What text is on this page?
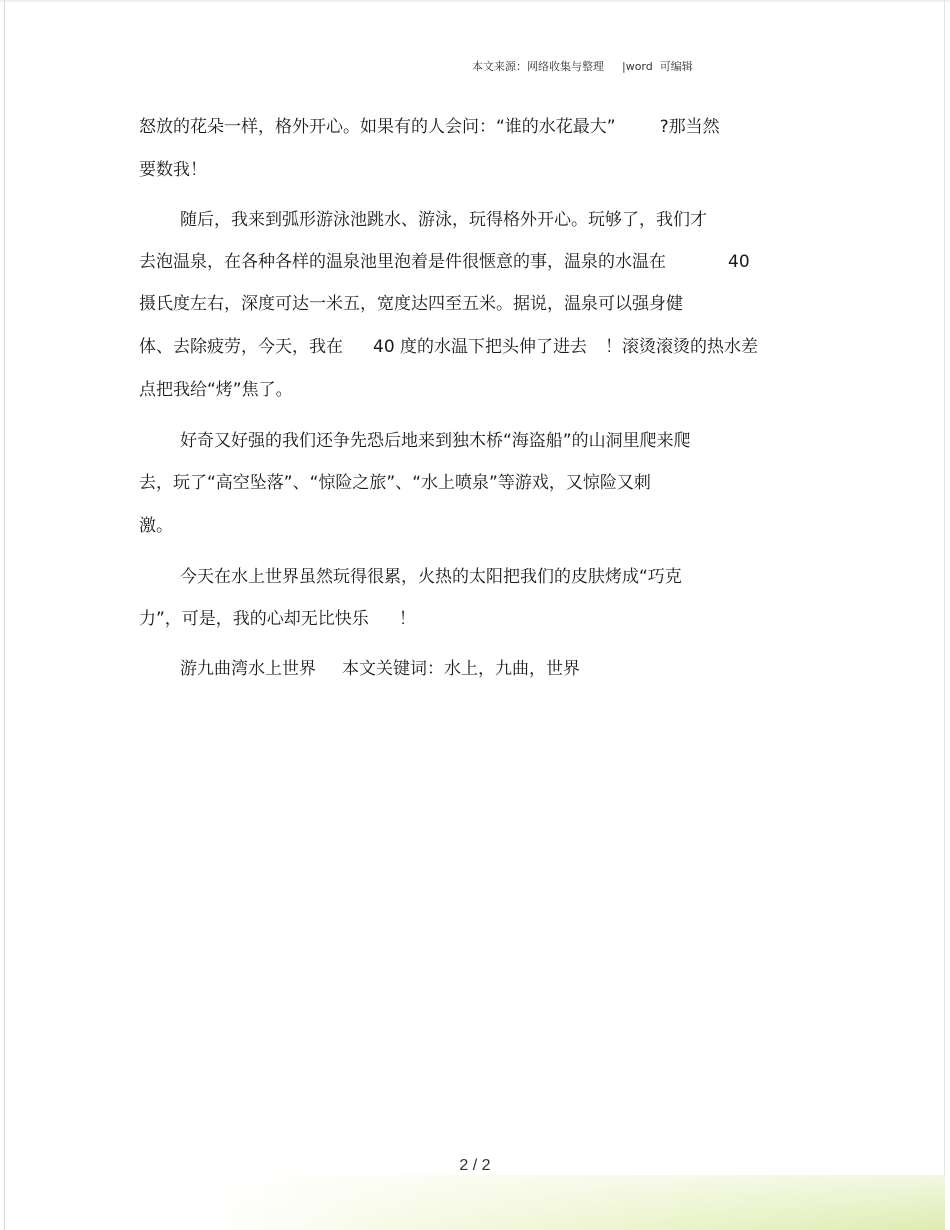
本文来源：网络收集与整理 |word  可编辑
怒放的花朵一样，格外开心。如果有的人会问：“谁的水花最大”	?那当然
要数我！
随后，我来到弧形游泳池跳水、游泳，玩得格外开心。玩够了，我们才
去泡温泉，在各种各样的温泉池里泡着是件很惬意的事，温泉的水温在	40
摄氏度左右，深度可达一米五，宽度达四至五米。据说，温泉可以强身健
体、去除疲劳，今天，我在 40 度的水温下把头伸了进去 ！滚烫滚烫的热水差
点把我给“烤”焦了。
好奇又好强的我们还争先恐后地来到独木桥“海盗船”的山洞里爬来爬
去，玩了“高空坠落”、“惊险之旅”、“水上喷泉”等游戏，又惊险又刺
激。
今天在水上世界虽然玩得很累，火热的太阳把我们的皮肤烤成“巧克
力”，可是，我的心却无比快乐 ！
游九曲湾水上世界 本文关键词：水上，九曲，世界
2 / 2
